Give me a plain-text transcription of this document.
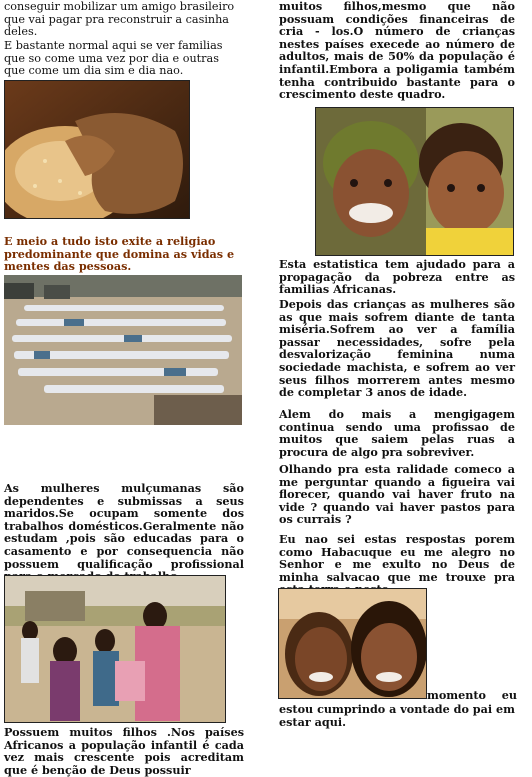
conseguir mobilizar um amigo brasileiro que vai pagar pra reconstruir a casinha deles.

E bastante normal aqui se ver familias que so come uma vez por dia e outras que come um dia sim e dia nao.

E meio a tudo isto exite a religiao predominante que domina as vidas e mentes das pessoas.

As mulheres mulçumanas são dependentes e submissas a seus maridos.Se ocupam somente dos trabalhos domésticos.Geralmente não estudam ,pois são educadas para o casamento e por consequencia não possuem qualificação profissional

Possuem muitos filhos .Nos países Africanos a população infantil é cada vez mais crescente pois acreditam que é benção de Deus possuir

muitos filhos,mesmo que não possuam condições financeiras de cria - los.O número de crianças nestes países execede ao número de adultos, mais de 50% da população é infantil.Embora a poligamia também tenha contribuido bastante para o crescimento deste quadro.

Esta estatistica tem ajudado para a propagação da pobreza entre as familias Africanas.

Depois das crianças as mulheres são as que mais sofrem diante de tanta miséria.Sofrem ao ver a família passar necessidades, sofre pela desvalorização feminina numa sociedade machista, e sofrem ao ver seus filhos morrerem antes mesmo de completar 3 anos de idade.

Alem do mais a mengigagem continua sendo uma profissao de muitos que saiem pelas ruas a procura de algo pra sobreviver.

Olhando pra esta ralidade comeco a me perguntar quando a figueira vai florecer, quando vai haver fruto na vide ? quando vai haver pastos para os currais ?

Eu nao sei estas respostas porem como Habacuque eu me alegro no Senhor e me exulto no Deus de minha salvacao que me trouxe pra

momento eu

estou cumprindo a vontade do pai em estar aqui.
